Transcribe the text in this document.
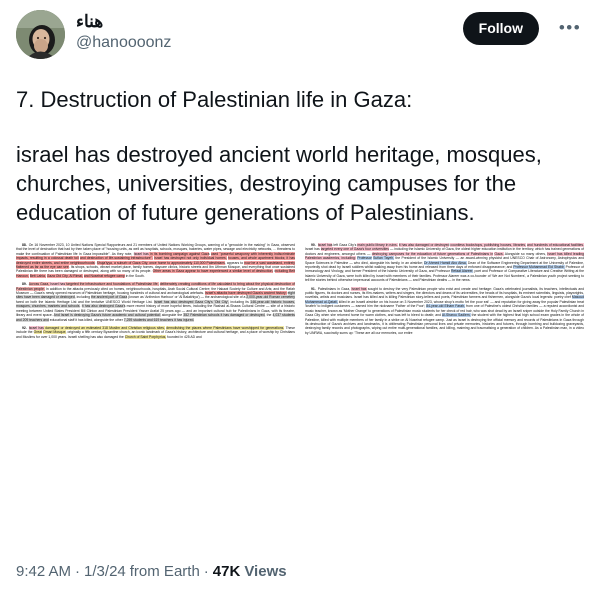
هناء
@hanoooonz
Follow	•••
7. Destruction of Palestinian life in Gaza:
israel has destroyed ancient world heritage, mosques, churches, universities, destroying campuses for the education of future generations of Palestinians.

88. On 16 November 2023, 10 United Nations Special Rapporteurs and 21 members of United Nations Working Groups, warning of a "genocide in the making" in Gaza, observed that the level of destruction that had by then taken place of "housing units, as well as hospitals, schools, mosques, bakeries, water pipes, sewage and electricity networks, ... threatens to make the continuation of Palestinian life in Gaza impossible". As they note, Israel has in its bombing campaign against Gaza used "powerful weaponry with inherently indiscriminate impacts, resulting in a colossal death toll and destruction of life-sustaining infrastructure". Israel has destroyed not only individual homes, houses, and whole apartment blocks; it has destroyed entire streets, and entire neighbourhoods: Shuja'iyya, a suburb of Gaza City, once home to approximately 110,000 Palestinians, appears to now be a vast wasteland, entirely flattened as far as the eye can see. Its shops, schools, vibrant market place, family homes, daycare clinics, historic streets and Ibn Uthman Mosque, and everything that once sustained Palestinian life there has been damaged or destroyed, along with so many of its people. Other areas in Gaza appear to have experienced a similar level of destruction, including Beit Hanoun, Beit Lahia, Gaza Old City, Al Rimal, and Nuseirat refugee camp in the South.

89. Across Gaza, Israel has targeted the infrastructure and foundations of Palestinian life, deliberately creating conditions of life calculated to bring about the physical destruction of Palestinian people. In addition to the attacks previously cited on homes, neighbourhoods, hospitals, Arab Social Cultural Centre; the Hakawi Society for Culture and Arts; and the Rafah Museum — Gaza's newly opened museum of Palestinian heritage, housing hundreds of cultural and archaeological artefacts. Israel's attacks have destroyed Gaza's ancient history: eight sites have been damaged or destroyed, including the ancient port of Gaza (known as 'Anthedon Harbour' or 'Al Balakhiya') — the archaeological site of a 2,000-year-old Roman cemetery fared on both the Islamic Heritage List and the tentative UNESCO World Heritage List. Israel has also destroyed Gaza City's 'Old City', including its 146-year-old historic houses, mosques, churches, markets and schools. It has also destroyed Gaza's more recent history of more hopeful times, including the Rashad al-Shawa Cultural Centre — site of a historic meeting between United States President Bill Clinton and Palestinian President Yasser Arafat 25 years ago — and an important cultural hub for Palestinians in Gaza, with its theatre, library and event space. And Israel is destroying Gaza's future academic and cultural potential: alongside the 352 Palestinian schools it has damaged or destroyed, the 4,037 students and 209 teachers and educational staff it has killed, alongside the other 7,259 students and 619 teachers it has injured.

92. Israel has damaged or destroyed an estimated 318 Muslim and Christian religious sites, demolishing the places where Palestinians have worshipped for generations. These include the Great Omari Mosque, originally a fifth century Byzantine church, an iconic landmark of Gaza's history, architecture and cultural heritage, and a place of worship by Christians and Muslims for over 1,000 years. Israeli shelling has also damaged the Church of Saint Porphyrius, founded in 425 AD and

90. Israel has left Gaza City's main public library in ruins. It has also damaged or destroyed countless bookshops, publishing houses, libraries, and hundreds of educational facilities. Israel has targeted every one of Gaza's four universities — including the Islamic University of Gaza, the oldest higher education institution in the territory, which has trained generations of doctors and engineers, amongst others — destroying campuses for the education of future generations of Palestinians in Gaza. Alongside so many others, Israel has killed leading Palestinian academics, including: Professor Sufian Tayeh, the President of the Islamic University — an award-winning physicist and UNESCO Chair of Astronomy, Astrophysics and Space Sciences in Palestine — who died, alongside his family, in an airstrike; Dr Ahmed Hamdi Abo Absa, Dean of the Software Engineering Department at the University of Palestine, reportedly shot dead by Israeli soldiers whilst walking away from his home and released from three days of enforced disappearance; and Professor Muhammad Eid Shabir, Professor of Immunology and Virology, and former President of the Islamic University of Gaza, and Professor Refaat Alareer, poet and Professor of Comparative Literature and Creative Writing at the Islamic University of Gaza, were both killed by Israel with members of their families. Professor Alareer was a co-founder of 'We are Not Numbers', a Palestinian youth project seeking to tell the stories behind otherwise impersonal accounts of Palestinians — and Palestinian deaths — in the news.

91. Palestinians in Gaza, Israel has sought to destroy the very Palestinian people who exist and create and heritage: Gaza's celebrated journalists, its teachers, intellectuals and public figures, its doctors and nurses, its film-makers, writers and singers, the directors and deans of its universities, the heads of its hospitals, its eminent scientists, linguists, playwrights, novelists, artists and musicians. Israel has killed and is killing Palestinian story-tellers and poets, Palestinian farmers and fishermen, alongside Gaza's local legends: poetry chef Masoud Muhammad al-Qatati, killed in an Israeli airstrike on his house on 3 November 2023, whose shop's motto 'let the poor eat' — and reputation for giving away the popular Palestinian treat 'knafeh' to indigent customers — earned him the nickname 'Father of the Poor'; 84-year-old Elham Farah, from one of Palestine's oldest Christian families — a reputed accordionist and music teacher, known as 'Mother Orange' to generations of Palestinian music students for her check of red hair, who was shot dead by an Israeli sniper outside the Holy Family Church in Gaza City when she returned home for warm clothes, and was left to bleed to death; and Al-Sharou Sadlem, the student with the highest final high school exam grades in the whole of Palestine, killed with multiple members of her family in a strike on Al Nuseirat refugee camp. Just as Israel is destroying the official memory and records of Palestinians in Gaza through its destruction of Gaza's archives and landmarks, it is obliterating Palestinian personal lives and private memories, histories and futures, through bombing and bulldozing graveyards, destroying family records and photographs, wiping out entire multi-generational families, and killing, maiming and traumatising a generation of children. As a Palestinian man, in a video by UNRWA, succinctly sums up: 'These are all our memories, our entire

9:42 AM · 1/3/24 from Earth · 47K Views
